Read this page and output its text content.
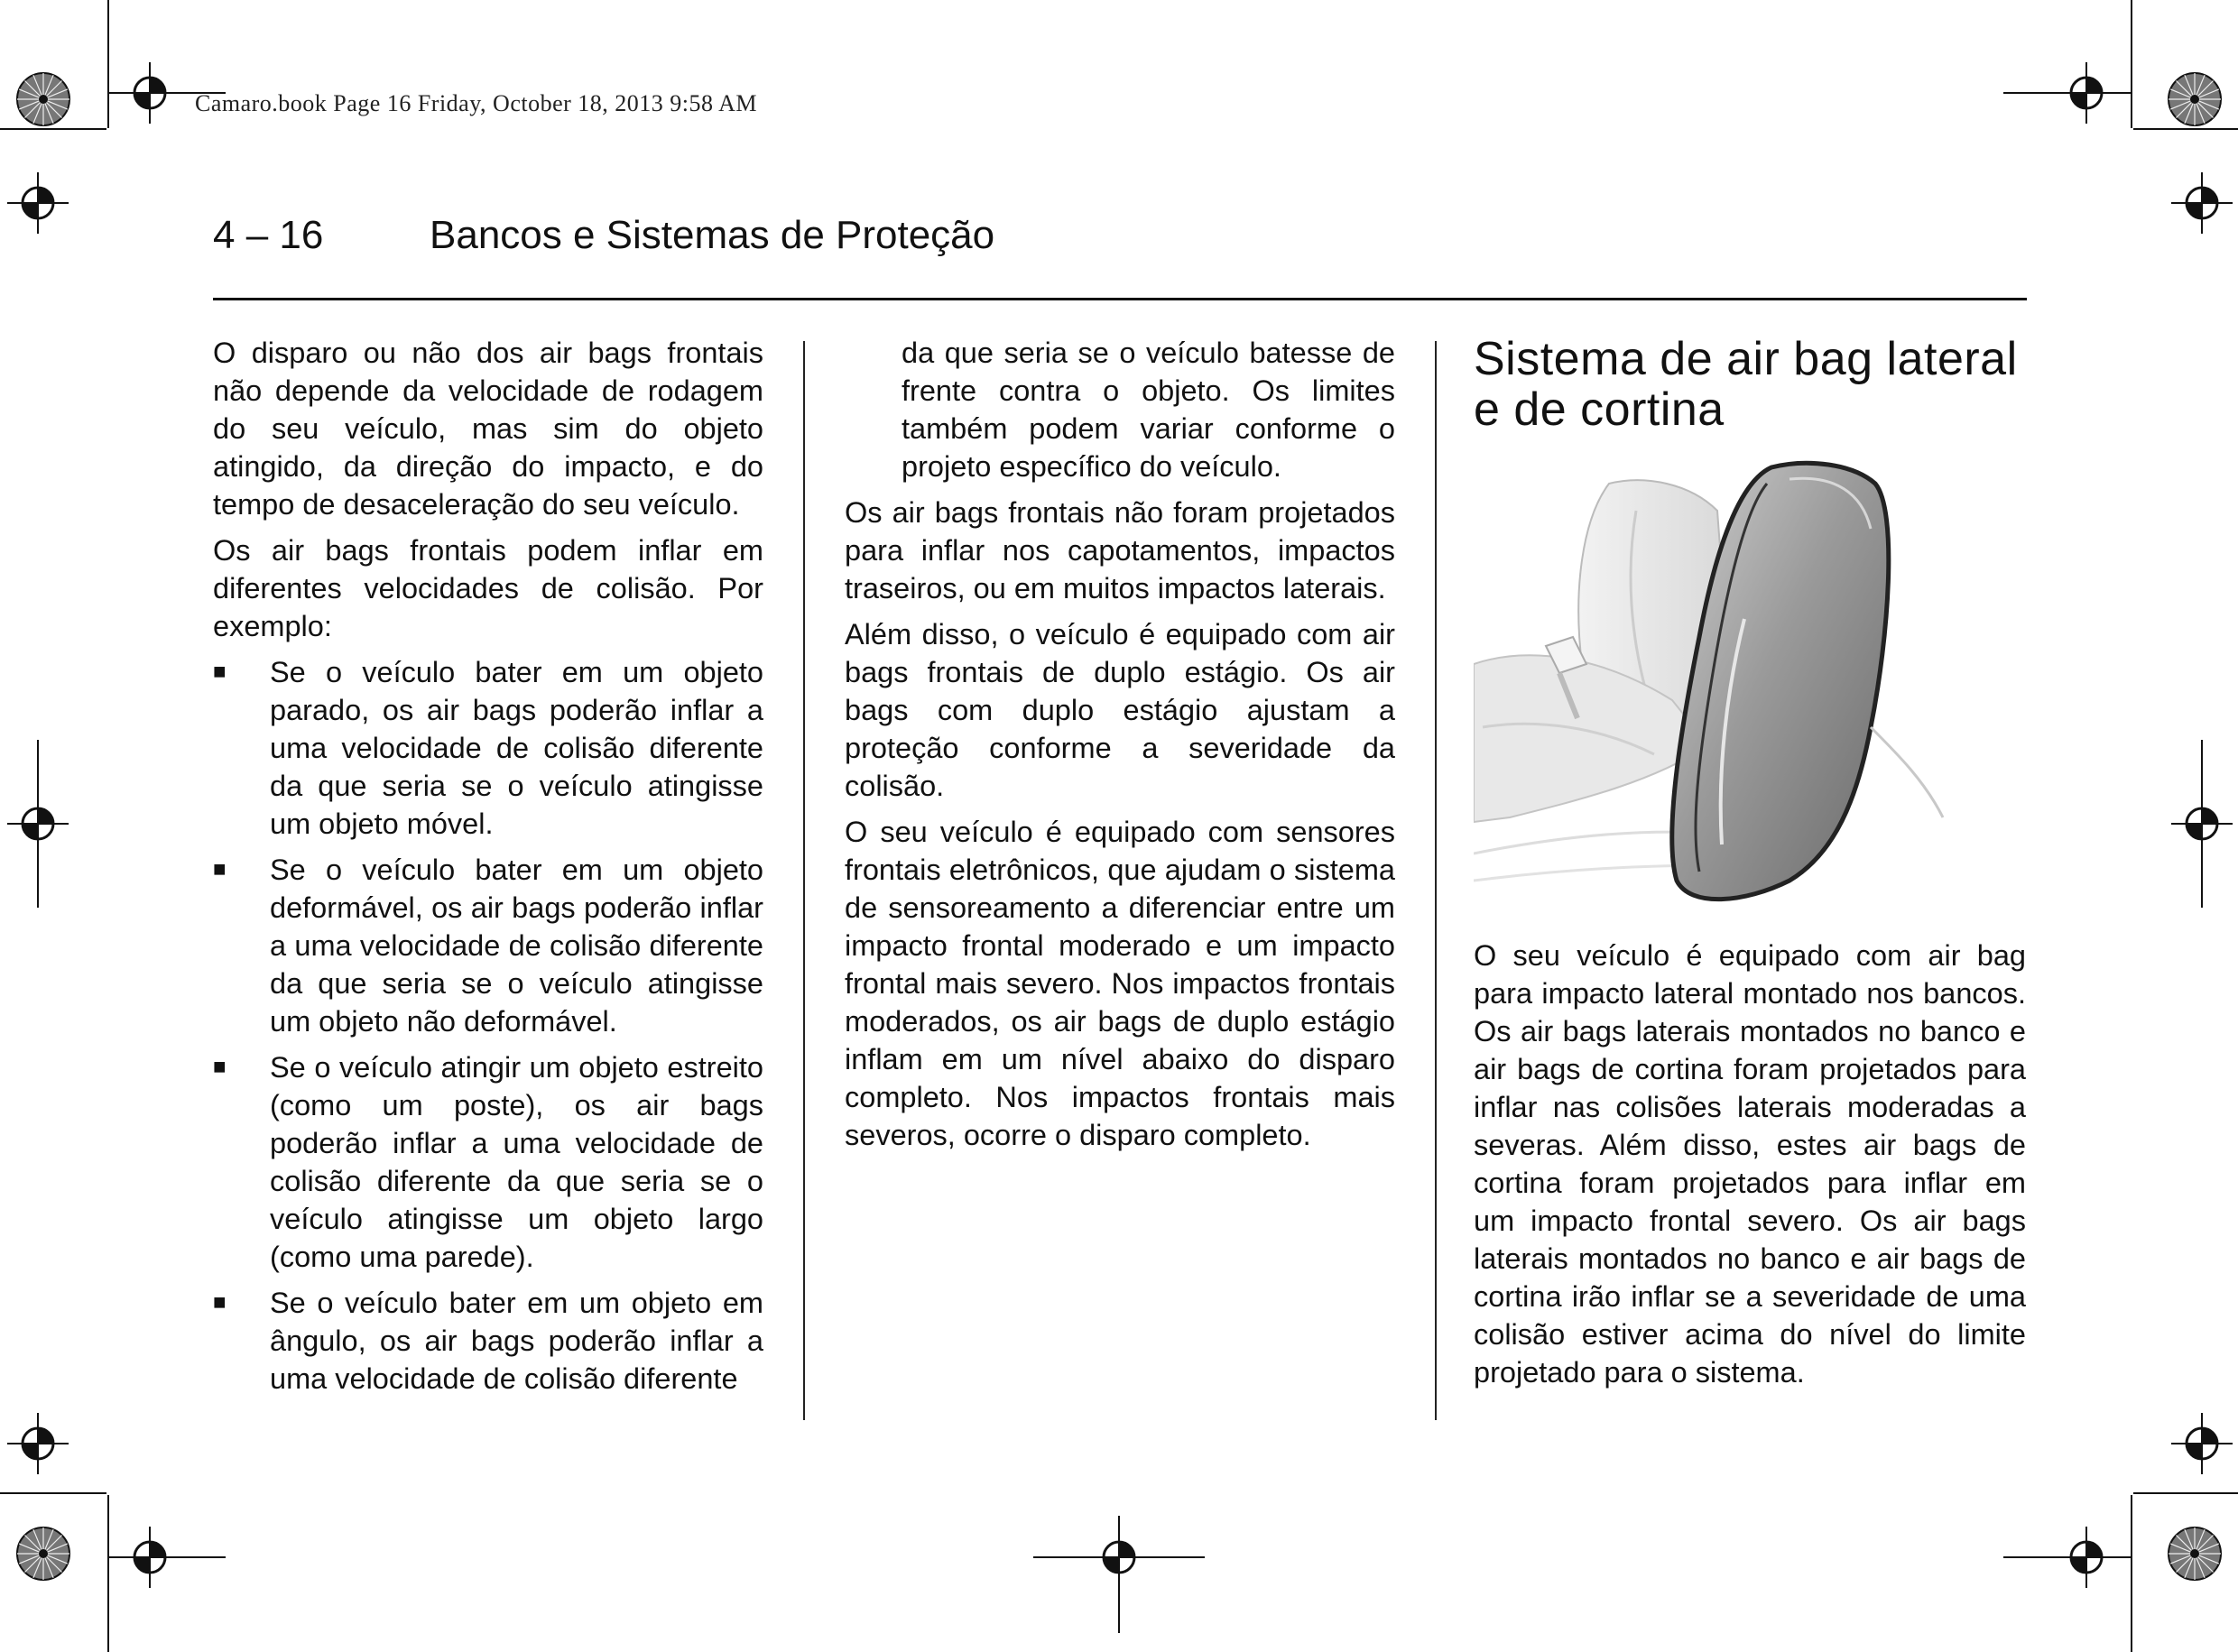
Camaro.book Page 16 Friday, October 18, 2013 9:58 AM
4 – 16	Bancos e Sistemas de Proteção

O disparo ou não dos air bags frontais não depende da velocidade de rodagem do seu veículo, mas sim do objeto atingido, da direção do impacto, e do tempo de desaceleração do seu veículo.

Os air bags frontais podem inflar em diferentes velocidades de colisão. Por exemplo:

■ Se o veículo bater em um objeto parado, os air bags poderão inflar a uma velocidade de colisão diferente da que seria se o veículo atingisse um objeto móvel.
■ Se o veículo bater em um objeto deformável, os air bags poderão inflar a uma velocidade de colisão diferente da que seria se o veículo atingisse um objeto não deformável.
■ Se o veículo atingir um objeto estreito (como um poste), os air bags poderão inflar a uma velocidade de colisão diferente da que seria se o veículo atingisse um objeto largo (como uma parede).
■ Se o veículo bater em um objeto em ângulo, os air bags poderão inflar a uma velocidade de colisão diferente

da que seria se o veículo batesse de frente contra o objeto. Os limites também podem variar conforme o projeto específico do veículo.

Os air bags frontais não foram projetados para inflar nos capotamentos, impactos traseiros, ou em muitos impactos laterais.

Além disso, o veículo é equipado com air bags frontais de duplo estágio. Os air bags com duplo estágio ajustam a proteção conforme a severidade da colisão.

O seu veículo é equipado com sensores frontais eletrônicos, que ajudam o sistema de sensoreamento a diferenciar entre um impacto frontal moderado e um impacto frontal mais severo. Nos impactos frontais moderados, os air bags de duplo estágio inflam em um nível abaixo do disparo completo. Nos impactos frontais mais severos, ocorre o disparo completo.

Sistema de air bag lateral e de cortina

O seu veículo é equipado com air bag para impacto lateral montado nos bancos. Os air bags laterais montados no banco e air bags de cortina foram projetados para inflar nas colisões laterais moderadas a severas. Além disso, estes air bags de cortina foram projetados para inflar em um impacto frontal severo. Os air bags laterais montados no banco e air bags de cortina irão inflar se a severidade de uma colisão estiver acima do nível do limite projetado para o sistema.
